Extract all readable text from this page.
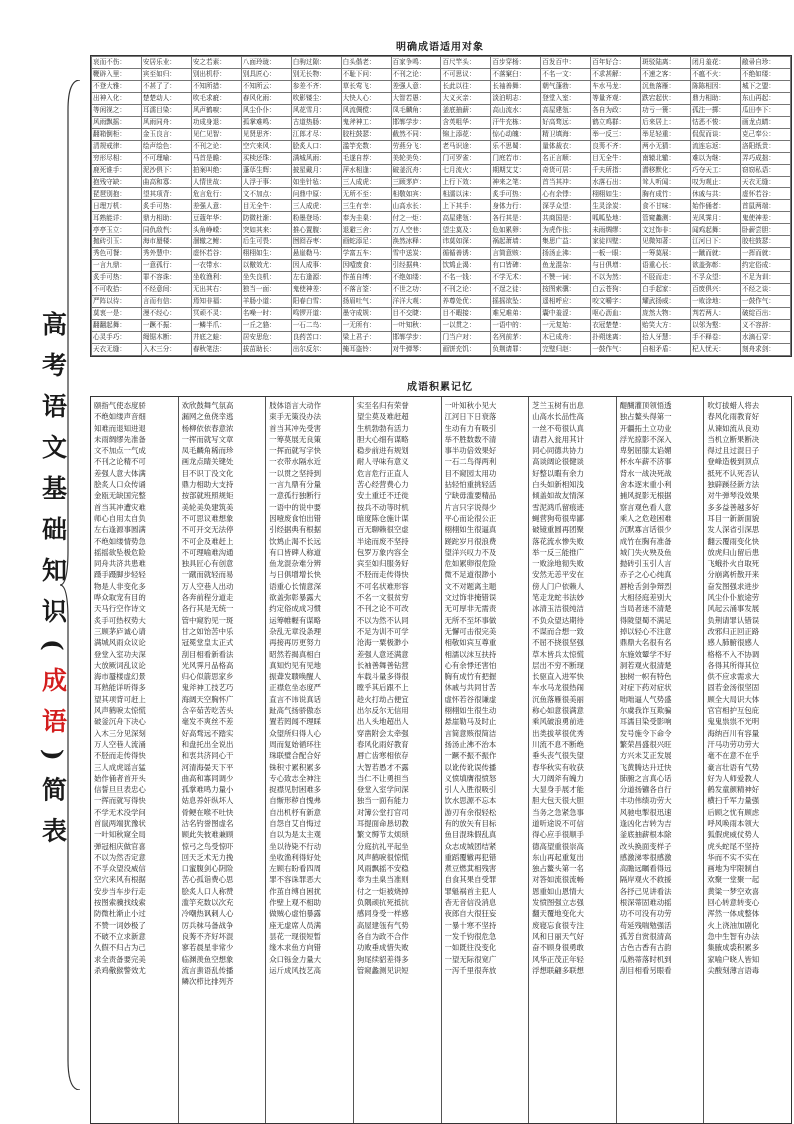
高考语文基础知识(成语)简表
明确成语适用对象
哀而不伤：	安居乐业：	安之若素：	八面玲珑：	白驹过隙：	白头偕老：	百家争鸣：	百尺竿头：	百步穿杨：	百发百中：	百年好合：	斑驳陆离：	闭月羞花：	敝帚自珍：
鞭辟入里：	宾至如归：	别出机杼：	别具匠心：	别无长物：	不耻下问：	不刊之论：	不可思议：	不落窠臼：	不名一文：	不求甚解：	不速之客：	不瘟不火：	不绝如缕：
不登大雅：	不甚了了：	不知所措：	不知所云：	参差不齐：	草长莺飞：	差强人意：	长此以往：	长袖善舞：	朝气蓬勃：	车水马龙：	沉鱼落雁：	陈陈相因：	城下之盟：
出神入化：	楚楚动人：	吹毛求疵：	春风化雨：	吹影镂尘：	大快人心：	大智若愚：	大义灭亲：	淡泊明志：	登堂入室：	等量齐观：	跌宕起伏：	鼎力相助：	东山再起：
等闲视之：	耳濡目染：	风声鹤唳：	风尘仆仆：	风花雪月：	风流倜傥：	凤毛麟角：	釜底抽薪：	高山流水：	高屋建瓴：	各自为政：	功亏一篑：	孤注一掷：	瓜田李下：
风雨飘摇：	风雨同舟：	功成身退：	孤掌难鸣：	古道热肠：	鬼斧神工：	邯郸学步：	含英咀华：	汗牛充栋：	好高骛远：	鹤立鸡群：	后来居上：	怙恶不悛：	画龙点睛：
翻箱倒柜：	金玉良言：	见仁见智：	见贤思齐：	江郎才尽：	胶柱鼓瑟：	截然不同：	锦上添花：	惊心动魄：	精卫填海：	举一反三：	举足轻重：	侃侃而谈：	克己奉公：
清规戒律：	绘声绘色：	不刊之论：	空穴来风：	脍炙人口：	滥竽充数：	劳燕分飞：	老马识途：	乐不思蜀：	量体裁衣：	良莠不齐：	两小无猜：	流连忘返：	洛阳纸贵：
穷形尽相：	不可理喻：	马首是瞻：	买椟还珠：	满城风雨：	毛遂自荐：	美轮美奂：	门可罗雀：	门庭若市：	名正言顺：	目无全牛：	南辕北辙：	难以为继：	弄巧成拙：
鹿死谁手：	泥沙俱下：	拍案叫绝：	蓬荜生辉：	披星戴月：	萍水相逢：	破釜沉舟：	七月流火：	期期艾艾：	奇货可居：	千夫所指：	潜移默化：	巧夺天工：	窃窃私语：
抱残守缺：	曲高和寡：	人情世故：	人浮于事：	如坐针毡：	三人成虎：	三顾茅庐：	上行下效：	神来之笔：	首当其冲：	水落石出：	耸人听闻：	叹为观止：	天衣无缝：
琵琶别抱：	望其项背：	危言危行：	文不加点：	问鼎中原：	无所不至：	相敬如宾：	相濡以沫：	炙手可热：	心有余悸：	栩栩如生：	胸有成竹：	休戚与共：	虚怀若谷：
日理万机：	炙手可热：	差强人意：	目无全牛：	三人成虎：	三生有幸：	山高水长：	上下其手：	身体力行：	深孚众望：	生灵涂炭：	食不甘味：	始作俑者：	首鼠两端：
耳熟能详：	鼎力相助：	豆蔻年华：	防微杜渐：	粉墨登场：	奉为圭臬：	付之一炬：	高屋建瓴：	各行其是：	共商国是：	呱呱坠地：	管窥蠡测：	光风霁月：	鬼使神差：
亭亭玉立：	同仇敌忾：	头角峥嵘：	突如其来：	推心置腹：	退避三舍：	万人空巷：	望尘莫及：	危如累卵：	为虎作伥：	未雨绸缪：	文过饰非：	闻鸡起舞：	卧薪尝胆：
抛砖引玉：	海市蜃楼：	涸辙之鲋：	后生可畏：	囫囵吞枣：	画蛇添足：	涣然冰释：	讳莫如深：	祸起萧墙：	集思广益：	家徒四壁：	见微知著：	江河日下：	胶柱鼓瑟：
秀色可餐：	秀外慧中：	虚怀若谷：	栩栩如生：	悬崖勒马：	学富五车：	雪中送炭：	循循善诱：	言简意赅：	扬汤止沸：	一板一眼：	一筹莫展：	一蹴而就：	一挥而就：
一言九鼎：	一意孤行：	一衣带水：	以儆效尤：	因人成事：	因噎废食：	引经据典：	饮鸩止渴：	有口皆碑：	鱼龙混杂：	与日俱增：	语重心长：	欲盖弥彰：	约定俗成：
炙手可热：	罪不容诛：	坐收渔利：	坐失良机：	左右逢源：	作茧自缚：	不绝如缕：	不名一钱：	不学无术：	不赞一词：	不以为然：	不胫而走：	不孚众望：	不足为训：
不可收拾：	不经意间：	无出其右：	独当一面：	鬼使神差：	不落言筌：	不世之功：	不刊之论：	不逞之徒：	按图索骥：	白云苍狗：	白手起家：	百废俱兴：	不经之谈：
严阵以待：	言而有信：	焉知非福：	羊肠小道：	阳春白雪：	扬眉吐气：	洋洋大观：	养尊处优：	摇摇欲坠：	遥相呼应：	咬文嚼字：	耀武扬威：	一败涂地：	一鼓作气：
莫衷一是：	漫不经心：	冥顽不灵：	名噪一时：	鸣锣开道：	墨守成规：	目不交睫：	目不暇接：	难兄难弟：	囊中羞涩：	呕心沥血：	庞然大物：	判若两人：	破绽百出：
翻翻起舞：	一蹶不振：	一鳞半爪：	一丘之貉：	一石二鸟：	一无所有：	一叶知秋：	一以贯之：	一语中的：	一元复始：	衣冠楚楚：	贻笑大方：	以邻为壑：	义不容辞：
心灵手巧：	绳锯木断：	井底之蛙：	居安思危：	良药苦口：	梁上君子：	邯郸学步：	门当户对：	名列前茅：	木已成舟：	扑朔迷离：	拾人牙慧：	手不释卷：	水滴石穿：
天衣无缝：	入木三分：	春秋笔法：	拔苗助长：	出尔反尔：	掩耳盗铃：	对牛弹琴：	画饼充饥：	负荆请罪：	完璧归赵：	一鼓作气：	自相矛盾：	杞人忧天：	刻舟求剑：
成语积累记忆
颐指气使态度骄
不绝如缕声音细
知难而退知进退
未雨绸缪先准备
文不加点一气成
不刊之论精不可
差强人意大体满
脍炙人口众传诵
金瓯无缺国完整
首当其冲遭灾难
师心自用太自负
左右逢源事圆满
不绝如缕情势急
摇摇欲坠极危险
同舟共济共患难
蹑手蹑脚步轻轻
物是人非变化多
哗众取宠有目的
天马行空作诗文
炙手可热权势大
三顾茅庐诚心请
满城风雨众议论
登堂入室功夫深
大放厥词乱议论
海市蜃楼虚幻景
耳熟能详听得多
望其项背可赶上
风声鹤唳太惊慌
破釜沉舟下决心
入木三分见深刻
万人空巷人流涌
不胫而走传得快
三人成虎谣言猛
始作俑者首开头
信誓旦旦表忠心
一挥而就写得快
不学无术没学问
首鼠两端犹豫状
一叶知秋窥全局
弹冠相庆做官喜
不以为然否定意
不孚众望没威信
空穴来风有根据
安步当车步行走
按图索骥找线索
防微杜渐止小过
不赞一词妙极了
不破不立求新意
久假不归占为己
求全责备要完美
杀鸡儆猴警效尤
欢欣鼓舞气氛高
漏网之鱼侥幸逃
杨柳依依春意浓
一挥而就写文章
凤毛麟角稀而珍
画龙点睛关键处
目不识丁没文化
鼎力相助大支持
按部就班照规矩
美轮美奂建筑美
不可思议难想象
不可开交无法停
不可企及难赶上
不可理喻难沟通
独具匠心有创意
一蹴而就轻而易
万人空巷人出动
各奔前程分道走
各行其是无统一
管中窥豹见一斑
甘之如饴苦中乐
冠冕堂皇太正式
刮目相看新看法
光风霁月品格高
归心似箭思家乡
鬼斧神工技艺巧
海阔天空胸怀广
含辛茹苦吃苦头
毫发不爽丝不差
好高骛远不踏实
和盘托出全说出
和衷共济同心干
河清海晏天下平
曲高和寡同调少
孤掌难鸣力量小
姑息养奸纵坏人
骨鲠在喉不吐快
沽名钓誉图虚名
顾此失彼难兼顾
惊弓之鸟受惊吓
回天乏术无力挽
口蜜腹剑心阴险
苦心孤诣费心思
脍炙人口人称赞
滥竽充数以次充
冷嘲热讽刺人心
厉兵秣马备战争
良莠不齐好坏混
寥若晨星非常少
临渊羡鱼空想象
流言蜚语乱传播
鳞次栉比排列齐
肢体语言大动作
束手无策没办法
首当其冲先受害
一筹莫展无良策
一挥而就写字快
一衣带水隔水近
一以贯之坚持到
一言九鼎有分量
一意孤行独断行
一语中的说中要
因噎废食怕出错
引经据典有根据
饮鸩止渴不长远
有口皆碑人称道
鱼龙混杂难分辨
与日俱增增长快
语重心长情意深
欲盖弥彰暴露大
约定俗成成习惯
运筹帷幄有谋略
杂乱无章没条理
再接再厉更努力
昭然若揭真相白
真知灼见有见地
振聋发聩唤醒人
正襟危坐态度严
直言不讳说真话
趾高气扬骄傲态
置若罔闻不理睬
众望所归得人心
周而复始循环往
珠联璧合配合好
铢积寸累积累多
专心致志全神注
捉襟见肘困难多
自惭形秽自愧弗
自出机杼有新意
自怨自艾自悔过
自以为是太主观
坐以待毙不行动
坐收渔利得好处
左顾右盼看四周
罪不容诛罪恶大
作茧自缚自困扰
作壁上观不相助
做贼心虚怕暴露
座无虚席人员满
昙花一现很短暂
缘木求鱼方向错
众口铄金力量大
运斤成风技艺高
实至名归有荣誉
望尘莫及难赶超
生机勃勃有活力
胆大心细有谋略
稳步前进有规划
耐人寻味有意义
危言危行正直人
苦心经营费心力
安土重迁不迁徙
按兵不动等时机
暗度陈仓施计谋
百无聊赖很空虚
半途而废不坚持
包罗万象内容全
宾至如归服务好
不胫而走传得快
不可名状难形容
不名一文很贫穷
不刊之论不可改
不以为然不认同
不足为训不可学
沧海一粟极渺小
差强人意还满意
长袖善舞善钻营
车载斗量多得很
瞠乎其后跟不上
趁火打劫占便宜
出尔反尔无信用
出人头地超出人
穿凿附会太牵强
春风化雨好教育
唇亡齿寒相依存
大智若愚才不露
当仁不让勇担当
登堂入室学问深
独当一面有能力
对簿公堂打官司
耳提面命恳切教
繁文缛节太烦琐
分庭抗礼平起坐
风声鹤唳很惊慌
风雨飘摇不安稳
奉为圭臬当准则
付之一炬被烧掉
负隅顽抗死抵抗
感同身受一样感
高屋建瓴有气势
各自为政不合作
功败垂成惜失败
狗尾续貂差得多
管窥蠡测见识短
一叶知秋小见大
江河日下日衰落
生动有力有吸引
举不胜数数不清
事半功倍效果好
一石二鸟得两利
目不窥园太用功
拈轻怕重挑轻活
宁缺毋滥要精品
片言只字说得少
平心而论很公正
栩栩如生很逼真
蹉跎岁月很浪费
望洋兴叹力不及
危如累卵很危险
微不足道很渺小
文不对题离主题
文过饰非掩错误
无可厚非无需责
无所不至坏事做
无懈可击很完美
相敬如宾互尊重
相濡以沫互扶持
心有余悸还害怕
胸有成竹有把握
休戚与共同甘苦
虚怀若谷很谦虚
栩栩如生很生动
悬崖勒马及时止
言简意赅很简洁
扬汤止沸不治本
一蹶不振不振作
以讹传讹误传播
义愤填膺很愤怒
引人入胜很吸引
饮水思源不忘本
游刃有余很轻松
有的放矢有目标
鱼目混珠假乱真
众志成城团结紧
重蹈覆辙再犯错
煮豆燃萁相残害
自食其果自受罪
罪魁祸首主犯人
杳无音信没消息
夜郎自大很狂妄
一暴十寒不坚持
一发千钧很危急
一如既往没变化
一望无际很宽广
一泻千里很奔放
芝兰玉树有出息
山高水长品性高
一丝不苟很认真
请君入瓮用其计
同心同德共协力
高谈阔论很健谈
好整以暇有余力
白头如新相知浅
倾盖如故友情深
雪泥鸿爪留痕迹
蝇营狗苟很卑鄙
破镜重圆再团聚
落花流水惨失败
举一反三能推广
一败涂地彻失败
安然无恙平安在
傍人门户依赖人
笔走龙蛇书法妙
冰清玉洁很纯洁
不负众望达期待
不谋而合想一致
不屈不挠很坚强
草木皆兵太惊慌
层出不穷不断现
长驱直入进军快
车水马龙很热闹
沉鱼落雁很美丽
称心如意很满意
乘风破浪勇前进
出类拔萃很优秀
川流不息不断绝
垂头丧气很失望
春华秋实有收获
大刀阔斧有魄力
大显身手展才能
胆大包天很大胆
当务之急紧急事
道听途说不可信
得心应手很顺手
德高望重很崇高
东山再起重复出
独占鳌头第一名
对答如流很流畅
恩重如山恩情大
发愤图强立志强
翻天覆地变化大
废寝忘食很专注
风和日丽天气好
奋不顾身很勇敢
风华正茂正年轻
浮想联翩多联想
醍醐灌顶领悟透
独占鳌头得第一
开疆拓土立功业
浮光掠影不深入
卑躬屈膝太谄媚
杯水车薪不济事
背水一战决死战
舍本逐末重小利
捕风捉影无根据
察言观色看人意
乘人之危趁困难
沉默寡言话很少
成竹在胸有准备
城门失火殃及鱼
抛砖引玉引人言
赤子之心心纯真
唇枪舌剑争辩烈
大相径庭差别大
当局者迷不清楚
得陇望蜀不满足
掉以轻心不注意
鼎鼎大名很有名
东施效颦学不好
洞若观火很清楚
独树一帜有特色
对症下药对症状
咄咄逼人气势盛
尔虞我诈互欺骗
耳濡目染受影响
发号施令下命令
繁荣昌盛很兴旺
方兴未艾正发展
飞黄腾达升迁快
肺腑之言真心话
分道扬镳各自行
丰功伟绩功劳大
风驰电掣很迅速
逢凶化吉转为吉
釜底抽薪根本除
改头换面变样子
感激涕零很感激
高瞻远瞩看得远
隔岸观火不救援
各抒己见讲看法
根深蒂固难动摇
功不可没有功劳
苟延残喘勉强活
孤芳自赏很清高
古色古香有古韵
瓜熟蒂落时机到
刮目相看另眼看
吹灯拔蜡人将去
春风化雨教育好
从谏如流从良劝
当机立断果断决
得过且过混日子
登峰造极到顶点
抵死不认死否认
独辟蹊径新方法
对牛弹琴没效果
多多益善越多好
耳目一新新面貌
发人深省引深思
翻云覆雨变化快
放虎归山留后患
飞蛾扑火自取死
分崩离析散开来
奋发图强求进步
风尘仆仆旅途劳
风起云涌事发展
负荆请罪认错误
改邪归正回正路
感人肺腑很感人
格格不入不协调
各得其所得其位
供不应求需求大
固若金汤很坚固
顾全大局识大体
官官相护互包庇
鬼鬼祟祟不光明
海纳百川有容量
汗马功劳功劳大
毫不在意不在乎
豪言壮语有气势
好为人师爱教人
鹤发童颜精神好
横扫千军力量强
后顾之忧有顾虑
呼风唤雨本领大
狐假虎威仗势人
虎头蛇尾不坚持
华而不实不实在
画地为牢限制自
欢聚一堂聚一起
黄粱一梦空欢喜
回心转意转变心
浑然一体成整体
火上浇油加剧化
急中生智有办法
集腋成裘积累多
家喻户晓人皆知
尖酸刻薄言语毒
